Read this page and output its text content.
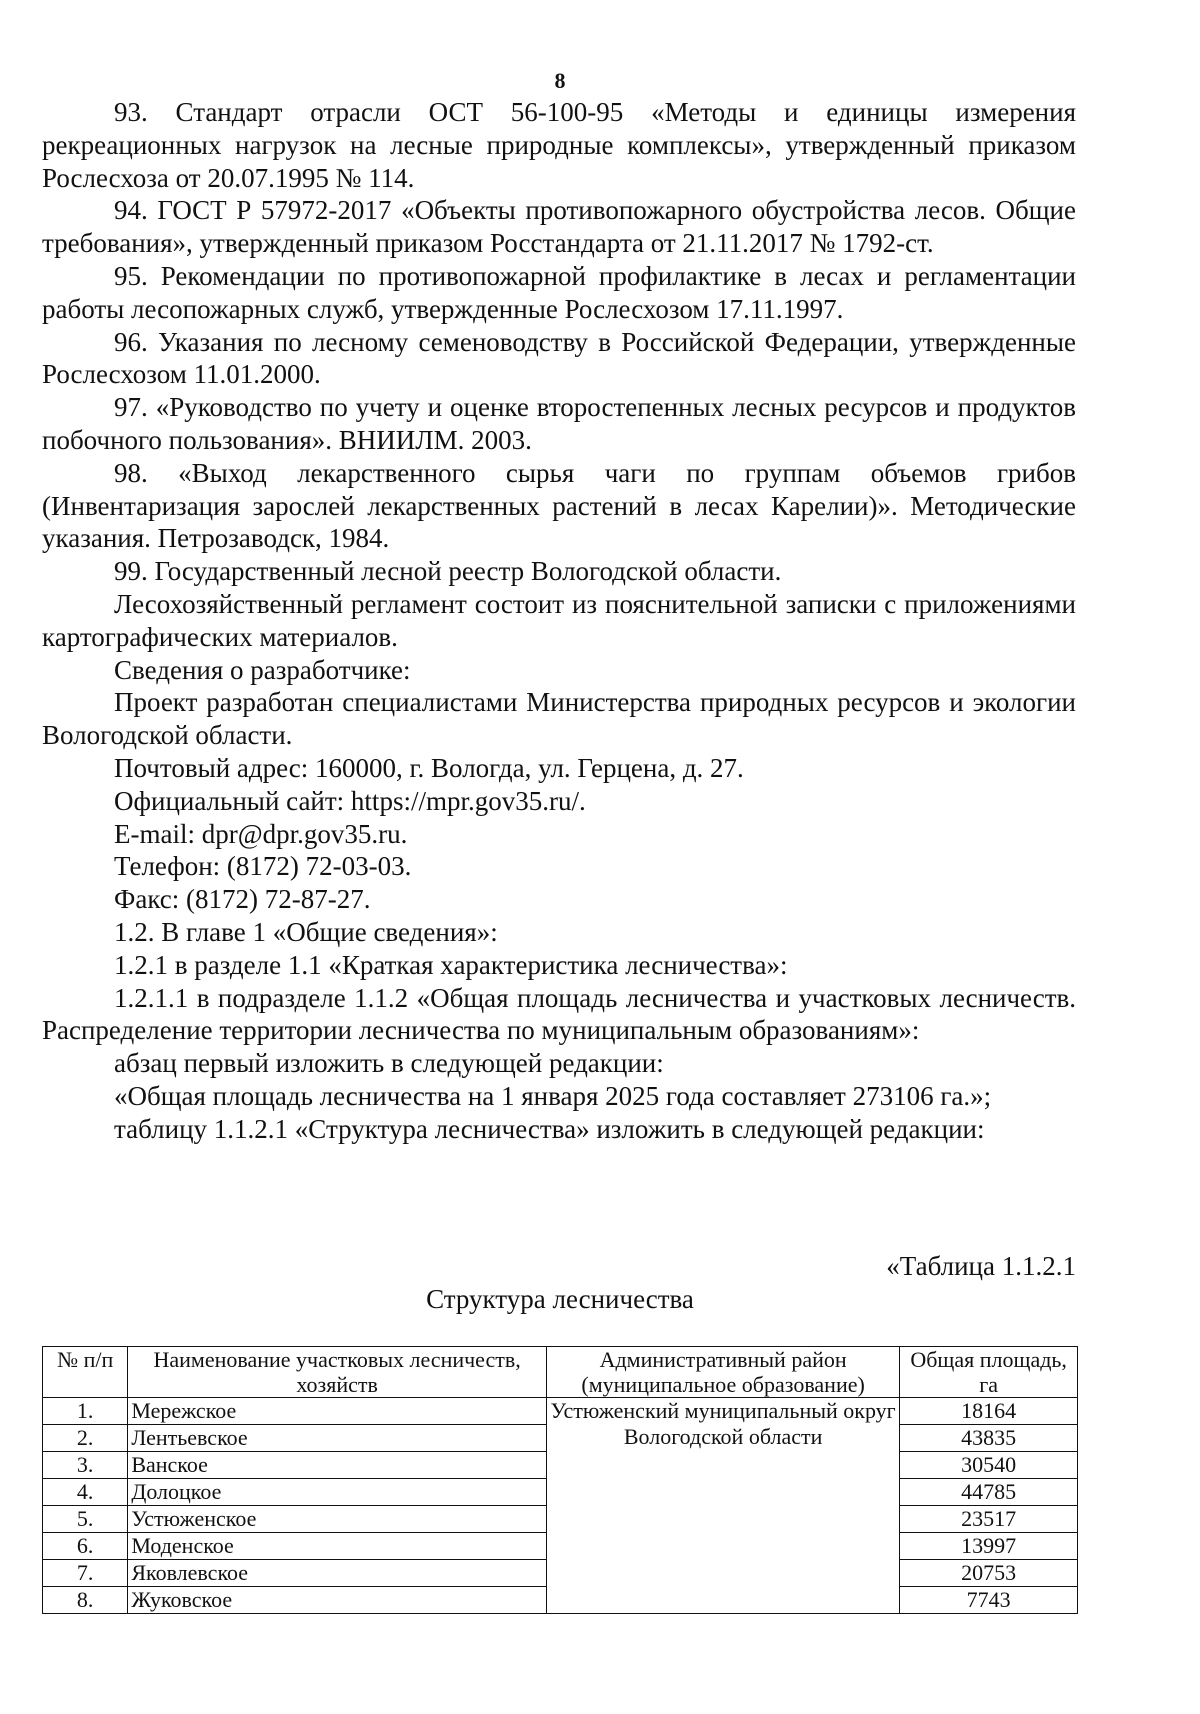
8

93. Стандарт отрасли ОСТ 56-100-95 «Методы и единицы измерения рекреационных нагрузок на лесные природные комплексы», утвержденный приказом Рослесхоза от 20.07.1995 № 114.

94. ГОСТ Р 57972-2017 «Объекты противопожарного обустройства лесов. Общие требования», утвержденный приказом Росстандарта от 21.11.2017 № 1792-ст.

95. Рекомендации по противопожарной профилактике в лесах и регламентации работы лесопожарных служб, утвержденные Рослесхозом 17.11.1997.

96. Указания по лесному семеноводству в Российской Федерации, утвержденные Рослесхозом 11.01.2000.

97. «Руководство по учету и оценке второстепенных лесных ресурсов и продуктов побочного пользования». ВНИИЛМ. 2003.

98. «Выход лекарственного сырья чаги по группам объемов грибов (Инвентаризация зарослей лекарственных растений в лесах Карелии)». Методические указания. Петрозаводск, 1984.

99. Государственный лесной реестр Вологодской области.

Лесохозяйственный регламент состоит из пояснительной записки с приложениями картографических материалов.

Сведения о разработчике:

Проект разработан специалистами Министерства природных ресурсов и экологии Вологодской области.

Почтовый адрес: 160000, г. Вологда, ул. Герцена, д. 27.

Официальный сайт: https://mpr.gov35.ru/.

E-mail: dpr@dpr.gov35.ru.

Телефон: (8172) 72-03-03.

Факс: (8172) 72-87-27.

1.2. В главе 1 «Общие сведения»:

1.2.1 в разделе 1.1 «Краткая характеристика лесничества»:

1.2.1.1 в подразделе 1.1.2 «Общая площадь лесничества и участковых лесничеств. Распределение территории лесничества по муниципальным образованиям»:

абзац первый изложить в следующей редакции:

«Общая площадь лесничества на 1 января 2025 года составляет 273106 га.»;

таблицу 1.1.2.1 «Структура лесничества» изложить в следующей редакции:

«Таблица 1.1.2.1
Структура лесничества
№ п/п	Наименование участковых лесничеств, хозяйств	Административный район (муниципальное образование)	Общая площадь, га
1.	Мережское	Устюженский муниципальный округ Вологодской области	18164
2.	Лентьевское		43835
3.	Ванское		30540
4.	Долоцкое		44785
5.	Устюженское		23517
6.	Моденское		13997
7.	Яковлевское		20753
8.	Жуковское		7743
